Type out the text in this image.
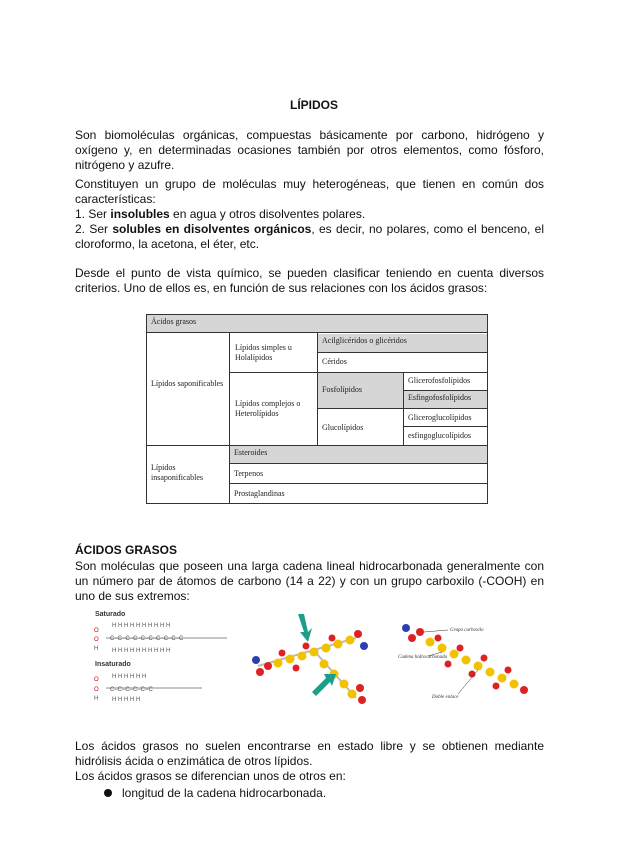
LÍPIDOS
Son biomoléculas orgánicas, compuestas básicamente por carbono, hidrógeno y
oxígeno y, en determinadas ocasiones también por otros elementos, como fósforo,
nitrógeno y azufre.
Constituyen un grupo de moléculas muy heterogéneas, que tienen en común dos
características:
1. Ser insolubles en agua y otros disolventes polares.
2. Ser solubles en disolventes orgánicos, es decir, no polares, como el benceno, el
cloroformo, la acetona, el éter, etc.
Desde el punto de vista químico, se pueden clasificar teniendo en cuenta diversos
criterios. Uno de ellos es, en función de sus relaciones con los ácidos grasos:
Ácidos grasos
Lípidos saponificables
Lípidos simples u Holalípidos
Acilglicéridos o glicéridos
Céridos
Lípidos complejos o Heterolípidos
Fosfolípidos
Glicerofosfolípidos
Esfingofosfolípidos
Glucolípidos
Gliceroglucolípidos
esfingoglucolípidos
Lípidos insaponificables
Esteroides
Terpenos
Prostaglandinas
ÁCIDOS GRASOS
Son moléculas que poseen una larga cadena lineal hidrocarbonada generalmente con
un número par de átomos de carbono (14 a 22) y con un grupo carboxilo (-COOH) en
uno de sus extremos:
Saturado
O
O
H
H H H H H H H H H H
C–C–C–C–C–C–C–C–C–C
H H H H H H H H H H
O
O
H
H H H H H H
C–C–C–C–C=C
H H H H H
Insaturado
Grupo carboxilo
Cadena hidrocarbonada
Doble enlace
Los ácidos grasos no suelen encontrarse en estado libre y se obtienen mediante
hidrólisis ácida o enzimática de otros lípidos.
Los ácidos grasos se diferencian unos de otros en:
longitud de la cadena hidrocarbonada.
